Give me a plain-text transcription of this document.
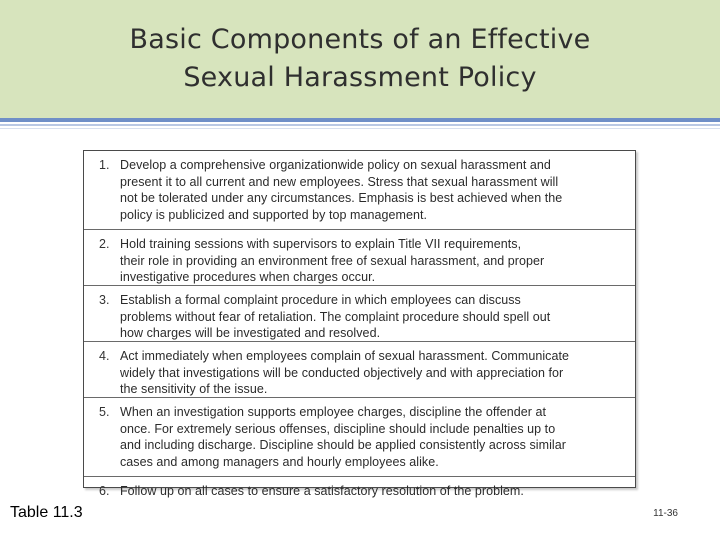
Basic Components of an Effective
Sexual Harassment Policy
1. Develop a comprehensive organizationwide policy on sexual harassment and
present it to all current and new employees. Stress that sexual harassment will
not be tolerated under any circumstances. Emphasis is best achieved when the
policy is publicized and supported by top management.
2. Hold training sessions with supervisors to explain Title VII requirements,
their role in providing an environment free of sexual harassment, and proper
investigative procedures when charges occur.
3. Establish a formal complaint procedure in which employees can discuss
problems without fear of retaliation. The complaint procedure should spell out
how charges will be investigated and resolved.
4. Act immediately when employees complain of sexual harassment. Communicate
widely that investigations will be conducted objectively and with appreciation for
the sensitivity of the issue.
5. When an investigation supports employee charges, discipline the offender at
once. For extremely serious offenses, discipline should include penalties up to
and including discharge. Discipline should be applied consistently across similar
cases and among managers and hourly employees alike.
6. Follow up on all cases to ensure a satisfactory resolution of the problem.
Table 11.3	11-36
